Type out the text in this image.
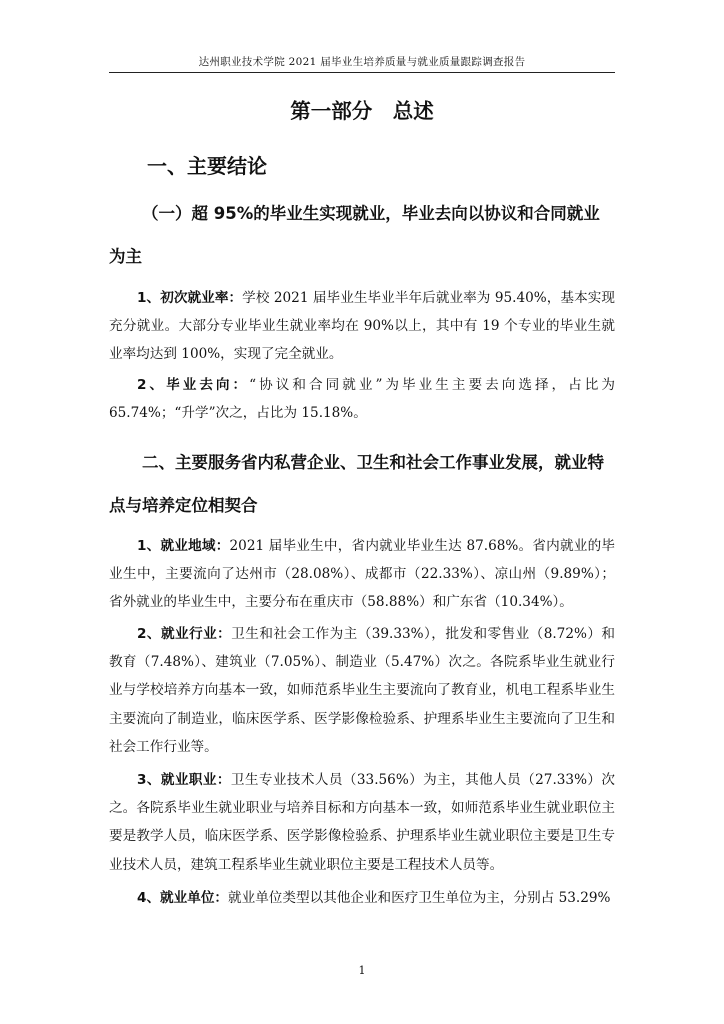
达州职业技术学院 2021 届毕业生培养质量与就业质量跟踪调查报告
第一部分　总述
一、主要结论
（一）超 95%的毕业生实现就业，毕业去向以协议和合同就业为主
1、初次就业率：学校 2021 届毕业生毕业半年后就业率为 95.40%，基本实现充分就业。大部分专业毕业生就业率均在 90%以上，其中有 19 个专业的毕业生就业率均达到 100%，实现了完全就业。
2、毕业去向：“协议和合同就业”为毕业生主要去向选择，占比为 65.74%；“升学”次之，占比为 15.18%。
二、主要服务省内私营企业、卫生和社会工作事业发展，就业特点与培养定位相契合
1、就业地域：2021 届毕业生中，省内就业毕业生达 87.68%。省内就业的毕业生中，主要流向了达州市（28.08%）、成都市（22.33%）、凉山州（9.89%）；省外就业的毕业生中，主要分布在重庆市（58.88%）和广东省（10.34%）。
2、就业行业：卫生和社会工作为主（39.33%），批发和零售业（8.72%）和教育（7.48%）、建筑业（7.05%）、制造业（5.47%）次之。各院系毕业生就业行业与学校培养方向基本一致，如师范系毕业生主要流向了教育业，机电工程系毕业生主要流向了制造业，临床医学系、医学影像检验系、护理系毕业生主要流向了卫生和社会工作行业等。
3、就业职业：卫生专业技术人员（33.56%）为主，其他人员（27.33%）次之。各院系毕业生就业职业与培养目标和方向基本一致，如师范系毕业生就业职位主要是教学人员，临床医学系、医学影像检验系、护理系毕业生就业职位主要是卫生专业技术人员，建筑工程系毕业生就业职位主要是工程技术人员等。
4、就业单位：就业单位类型以其他企业和医疗卫生单位为主，分别占 53.29%
1
